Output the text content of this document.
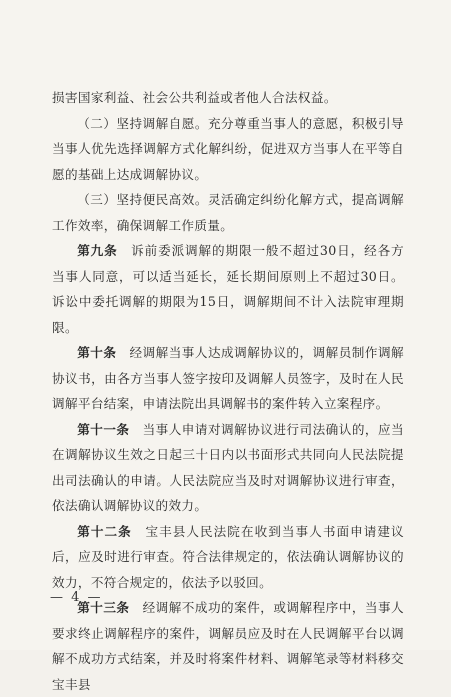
损害国家利益、社会公共利益或者他人合法权益。

（二）坚持调解自愿。充分尊重当事人的意愿，积极引导当事人优先选择调解方式化解纠纷，促进双方当事人在平等自愿的基础上达成调解协议。

（三）坚持便民高效。灵活确定纠纷化解方式，提高调解工作效率，确保调解工作质量。

第九条　 诉前委派调解的期限一般不超过30日，经各方当事人同意，可以适当延长，延长期间原则上不超过30日。诉讼中委托调解的期限为15日，调解期间不计入法院审理期限。

第十条　 经调解当事人达成调解协议的，调解员制作调解协议书，由各方当事人签字按印及调解人员签字，及时在人民调解平台结案，申请法院出具调解书的案件转入立案程序。

第十一条　 当事人申请对调解协议进行司法确认的，应当在调解协议生效之日起三十日内以书面形式共同向人民法院提出司法确认的申请。人民法院应当及时对调解协议进行审查，依法确认调解协议的效力。

第十二条　 宝丰县人民法院在收到当事人书面申请建议后，应及时进行审查。符合法律规定的，依法确认调解协议的效力，不符合规定的，依法予以驳回。

第十三条　 经调解不成功的案件，或调解程序中，当事人要求终止调解程序的案件，调解员应及时在人民调解平台以调解不成功方式结案，并及时将案件材料、调解笔录等材料移交宝丰县

— 4 —
